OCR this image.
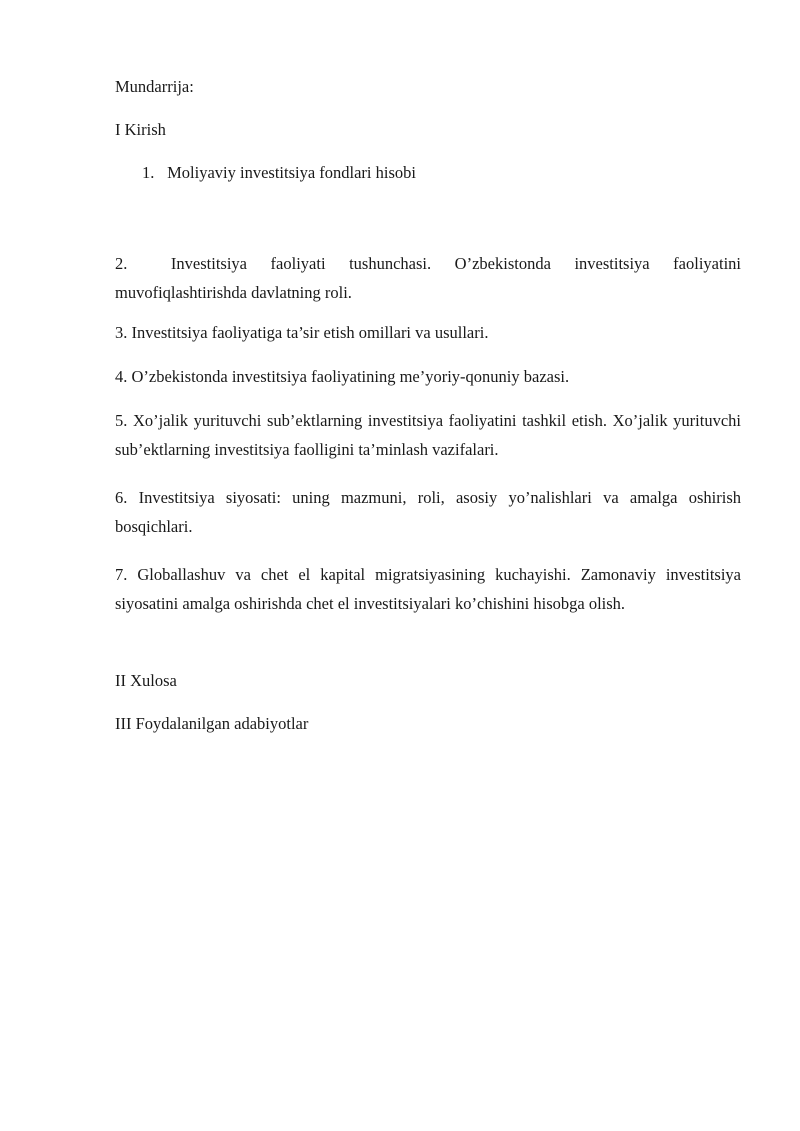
Mundarrija:
I Kirish
1. Moliyaviy investitsiya fondlari hisobi
2.	Investitsiya faoliyati tushunchasi. O’zbekistonda investitsiya faoliyatini
muvofiqlashtirishda davlatning roli.
3. Investitsiya faoliyatiga ta’sir etish omillari va usullari.
4. O’zbekistonda investitsiya faoliyatining me’yoriy-qonuniy bazasi.
5. Xo’jalik yurituvchi sub’ektlarning investitsiya faoliyatini tashkil etish. Xo’jalik yurituvchi sub’ektlarning investitsiya faolligini ta’minlash vazifalari.
6. Investitsiya siyosati: uning mazmuni, roli, asosiy yo’nalishlari va amalga oshirish bosqichlari.
7. Globallashuv va chet el kapital migratsiyasining kuchayishi. Zamonaviy investitsiya siyosatini amalga oshirishda chet el investitsiyalari ko’chishini hisobga olish.
II Xulosa
III Foydalanilgan adabiyotlar
